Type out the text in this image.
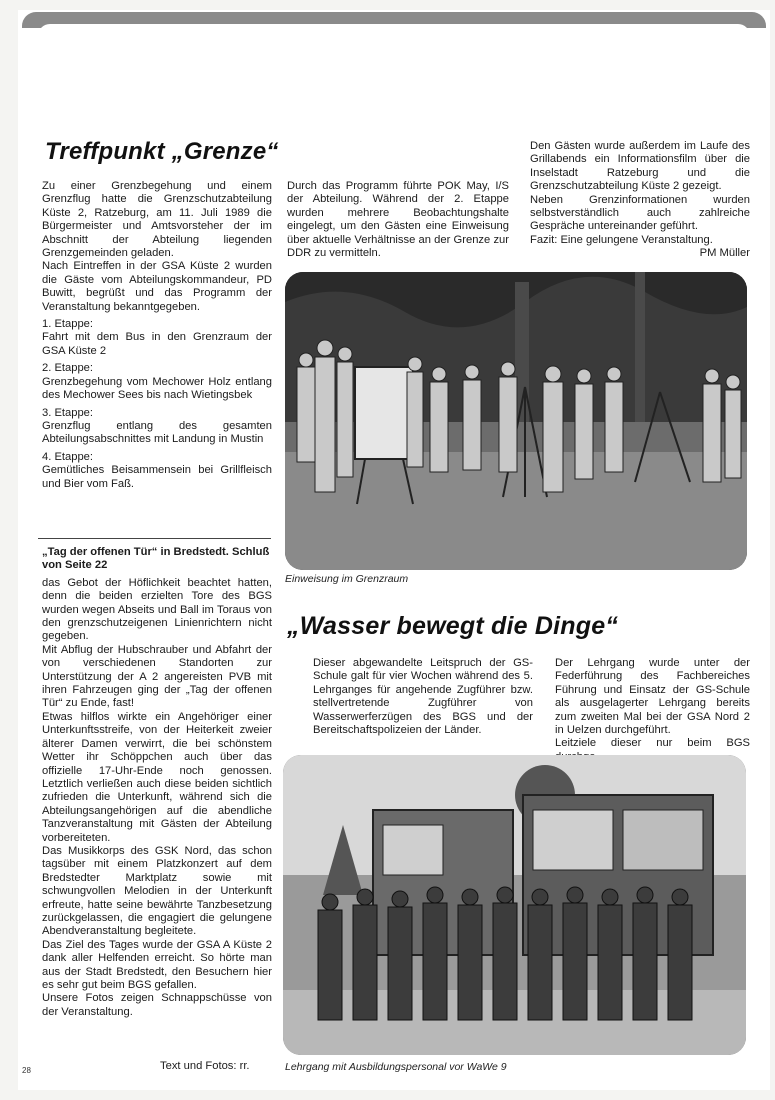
Treffpunkt „Grenze“

Zu einer Grenzbegehung und einem Grenzflug hatte die Grenzschutzabteilung Küste 2, Ratzeburg, am 11. Juli 1989 die Bürgermeister und Amtsvorsteher der im Abschnitt der Abteilung liegenden Grenzgemeinden geladen.

Nach Eintreffen in der GSA Küste 2 wurden die Gäste vom Abteilungskommandeur, PD Buwitt, begrüßt und das Programm der Veranstaltung bekanntgegeben.

1. Etappe:

Fahrt mit dem Bus in den Grenzraum der GSA Küste 2

2. Etappe:

Grenzbegehung vom Mechower Holz entlang des Mechower Sees bis nach Wietingsbek

3. Etappe:

Grenzflug entlang des gesamten Abteilungsabschnittes mit Landung in Mustin

4. Etappe:

Gemütliches Beisammensein bei Grillfleisch und Bier vom Faß.

Durch das Programm führte POK May, I/S der Abteilung. Während der 2. Etappe wurden mehrere Beobachtungshalte eingelegt, um den Gästen eine Einweisung über aktuelle Verhältnisse an der Grenze zur DDR zu vermitteln.

Den Gästen wurde außerdem im Laufe des Grillabends ein Informationsfilm über die Inselstadt Ratzeburg und die Grenzschutzabteilung Küste 2 gezeigt.

Neben Grenzinformationen wurden selbstverständlich auch zahlreiche Gespräche untereinander geführt.

Fazit: Eine gelungene Veranstaltung.

PM Müller

Einweisung im Grenzraum

„Tag der offenen Tür“ in Bredstedt. Schluß von Seite 22

das Gebot der Höflichkeit beachtet hatten, denn die beiden erzielten Tore des BGS wurden wegen Abseits und Ball im Toraus von den grenzschutzeigenen Linienrichtern nicht gegeben.

Mit Abflug der Hubschrauber und Abfahrt der von verschiedenen Standorten zur Unterstützung der A 2 angereisten PVB mit ihren Fahrzeugen ging der „Tag der offenen Tür“ zu Ende, fast!

Etwas hilflos wirkte ein Angehöriger einer Unterkunftsstreife, von der Heiterkeit zweier älterer Damen verwirrt, die bei schönstem Wetter ihr Schöppchen auch über das offizielle 17-Uhr-Ende noch genossen. Letztlich verließen auch diese beiden sichtlich zufrieden die Unterkunft, während sich die Abteilungsangehörigen auf die abendliche Tanzveranstaltung mit Gästen der Abteilung vorbereiteten.

Das Musikkorps des GSK Nord, das schon tagsüber mit einem Platzkonzert auf dem Bredstedter Marktplatz sowie mit schwungvollen Melodien in der Unterkunft erfreute, hatte seine bewährte Tanzbesetzung zurückgelassen, die engagiert die gelungene Abendveranstaltung begleitete.

Das Ziel des Tages wurde der GSA A Küste 2 dank aller Helfenden erreicht. So hörte man aus der Stadt Bredstedt, den Besuchern hier es sehr gut beim BGS gefallen.

Unsere Fotos zeigen Schnappschüsse von der Veranstaltung.

Text und Fotos: rr.
„Wasser bewegt die Dinge“

Dieser abgewandelte Leitspruch der GS-Schule galt für vier Wochen während des 5. Lehrganges für angehende Zugführer bzw. stellvertretende Zugführer von Wasserwerferzügen des BGS und der Bereitschaftspolizeien der Länder.

Der Lehrgang wurde unter der Federführung des Fachbereiches Führung und Einsatz der GS-Schule als ausgelagerter Lehrgang bereits zum zweiten Mal bei der GSA Nord 2 in Uelzen durchgeführt.

Leitziele dieser nur beim BGS

Lehrgang mit Ausbildungspersonal vor WaWe 9
28
